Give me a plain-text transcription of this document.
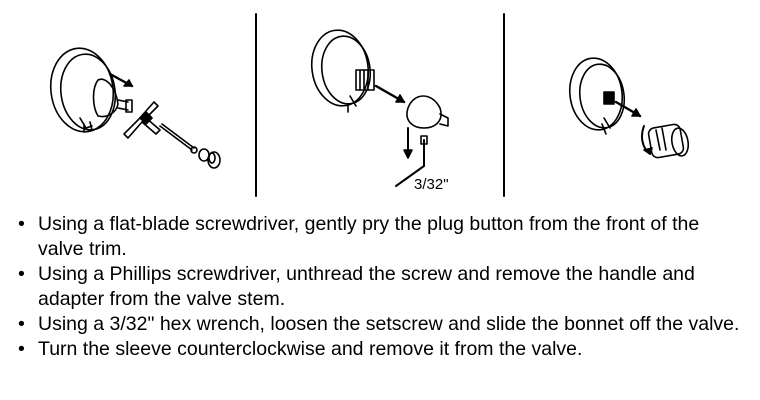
3/32"
• Using a flat-blade screwdriver, gently pry the plug button from the front of the valve trim.
• Using a Phillips screwdriver, unthread the screw and remove the handle and adapter from the valve stem.
• Using a 3/32" hex wrench, loosen the setscrew and slide the bonnet off the valve.
• Turn the sleeve counterclockwise and remove it from the valve.
